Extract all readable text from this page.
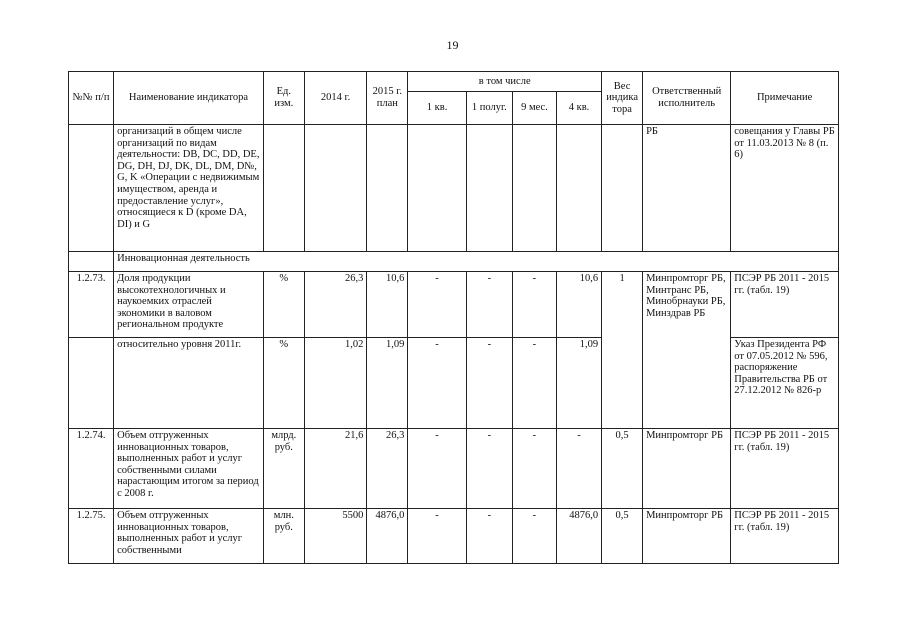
19
№№ п/п	Наименование индикатора	Ед. изм.	2014 г.	2015 г. план	в том числе				Вес индика тора	Ответственный исполнитель	Примечание
					1 кв.	1 полуг.	9 мес.	4 кв.			
	организаций в общем числе организаций по видам деятельности: DB, DC, DD, DE, DG, DH, DJ, DK, DL, DM, D№, G, K «Операции с недвижимым имуществом, аренда и предоставление услуг», относящиеся к D (кроме DA, DI) и G									РБ	совещания у Главы РБ от 11.03.2013 № 8 (п. 6)
	Инновационная деятельность										
1.2.73.	Доля продукции высокотехнологичных и наукоемких отраслей экономики в валовом региональном продукте	%	26,3	10,6	-	-	-	10,6	1	Минпромторг РБ, Минтранс РБ, Минобрнауки РБ, Минздрав РБ	ПСЭР РБ 2011 - 2015 гг. (табл. 19)
	относительно уровня 2011г.	%	1,02	1,09	-	-	-	1,09			Указ Президента РФ от 07.05.2012 № 596, распоряжение Правительства РБ от 27.12.2012 № 826-р
1.2.74.	Объем отгруженных инновационных товаров, выполненных работ и услуг собственными силами нарастающим итогом за период с 2008 г.	млрд. руб.	21,6	26,3	-	-	-	-	0,5	Минпромторг РБ	ПСЭР РБ 2011 - 2015 гг. (табл. 19)
1.2.75.	Объем отгруженных инновационных товаров, выполненных работ и услуг собственными	млн. руб.	5500	4876,0	-	-	-	4876,0	0,5	Минпромторг РБ	ПСЭР РБ 2011 - 2015 гг. (табл. 19)
